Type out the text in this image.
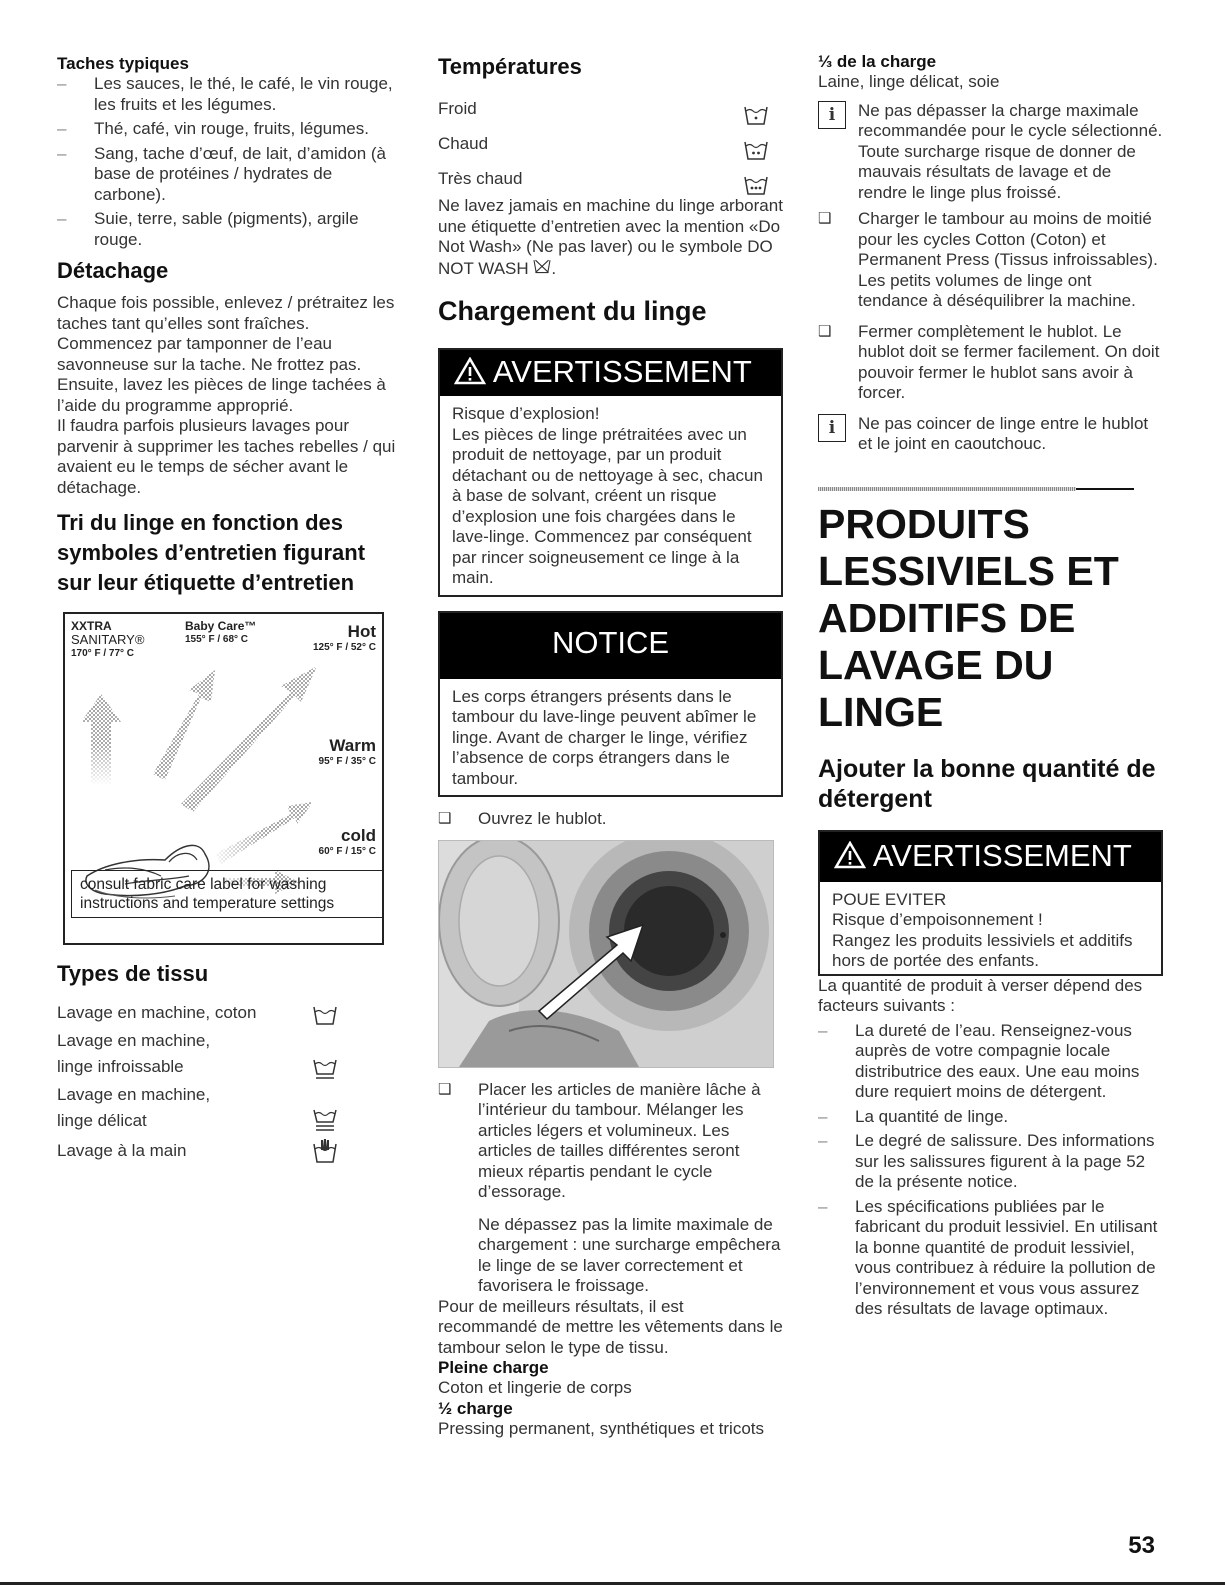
Taches typiques
–	Les sauces, le thé, le café, le vin rouge, les fruits et les légumes.
–	Thé, café, vin rouge, fruits, légumes.
–	Sang, tache d’œuf, de lait, d’amidon (à base de protéines / hydrates de carbone).
–	Suie, terre, sable (pigments), argile rouge.
Détachage
Chaque fois possible, enlevez / prétraitez les taches tant qu’elles sont fraîches.
Commencez par tamponner de l’eau savonneuse sur la tache. Ne frottez pas.
Ensuite, lavez les pièces de linge tachées à l’aide du programme approprié.
Il faudra parfois plusieurs lavages pour parvenir à supprimer les taches rebelles / qui avaient eu le temps de sécher avant le détachage.
Tri du linge en fonction des symboles d’entretien figurant sur leur étiquette d’entretien
XXTRA
SANITARY®
170° F / 77° C
Baby Care™
155° F / 68° C	Hot
125° F / 52° C
Warm
95° F / 35° C
cold
60° F / 15° C
consult fabric care label for washing instructions and temperature settings
Types de tissu
Lavage en machine, coton
Lavage en machine,
linge infroissable
Lavage en machine,
linge délicat
Lavage à la main
Températures
Froid
Chaud
Très chaud
Ne lavez jamais en machine du linge arborant une étiquette d’entretien avec la mention «Do Not Wash» (Ne pas laver) ou le symbole DO NOT WASH .
Chargement du linge
AVERTISSEMENT
Risque d’explosion!
Les pièces de linge prétraitées avec un produit de nettoyage, par un produit détachant ou de nettoyage à sec, chacun à base de solvant, créent un risque d’explosion une fois chargées dans le lave-linge. Commencez par conséquent par rincer soigneusement ce linge à la main.
NOTICE
Les corps étrangers présents dans le tambour du lave-linge peuvent abîmer le linge. Avant de charger le linge, vérifiez l’absence de corps étrangers dans le tambour.
❑	Ouvrez le hublot.
❑	Placer les articles de manière lâche à l’intérieur du tambour. Mélanger les articles légers et volumineux. Les articles de tailles différentes seront mieux répartis pendant le cycle d’essorage.
Ne dépassez pas la limite maximale de chargement : une surcharge empêchera le linge de se laver correctement et favorisera le froissage.
Pour de meilleurs résultats, il est recommandé de mettre les vêtements dans le tambour selon le type de tissu.
Pleine charge
Coton et lingerie de corps
½ charge
Pressing permanent, synthétiques et tricots
⅓ de la charge
Laine, linge délicat, soie
i	Ne pas dépasser la charge maximale recommandée pour le cycle sélectionné. Toute surcharge risque de donner de mauvais résultats de lavage et de rendre le linge plus froissé.
❑	Charger le tambour au moins de moitié pour les cycles Cotton (Coton) et Permanent Press (Tissus infroissables). Les petits volumes de linge ont tendance à déséquilibrer la machine.
❑	Fermer complètement le hublot. Le hublot doit se fermer facilement. On doit pouvoir fermer le hublot sans avoir à forcer.
i	Ne pas coincer de linge entre le hublot et le joint en caoutchouc.
PRODUITS LESSIVIELS ET ADDITIFS DE LAVAGE DU LINGE
Ajouter la bonne quantité de détergent
AVERTISSEMENT
POUE EVITER
Risque d’empoisonnement !
Rangez les produits lessiviels et additifs hors de portée des enfants.
La quantité de produit à verser dépend des facteurs suivants :
–	La dureté de l’eau. Renseignez-vous auprès de votre compagnie locale distributrice des eaux. Une eau moins dure requiert moins de détergent.
–	La quantité de linge.
–	Le degré de salissure. Des informations sur les salissures figurent à la page 52 de la présente notice.
–	Les spécifications publiées par le fabricant du produit lessiviel. En utilisant la bonne quantité de produit lessiviel, vous contribuez à réduire la pollution de l’environnement et vous vous assurez des résultats de lavage optimaux.
53
